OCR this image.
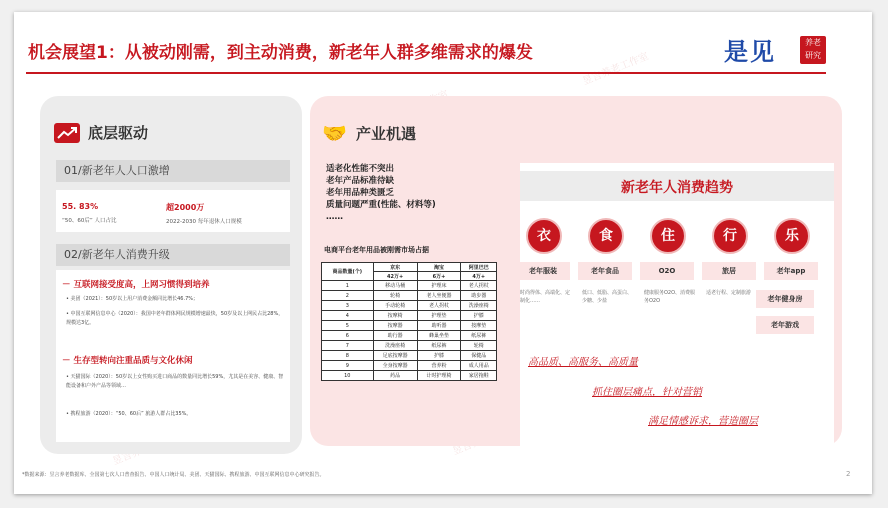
机会展望1：从被动刚需，到主动消费，新老年人群多维需求的爆发	是见	养老 研究
昱言养老工作室
底层驱动
01/新老年人人口激增
55. 83%
“50、60后” 人口占比
超2000万
2022-2030 每年退休人口规模
02/新老年人消费升级
－ 互联网接受度高，上网习惯得到培养
• 美团（2021）：50岁以上用户消费金额同比增长46.7%；
• 中国互联网信息中心（2020）：我国中老年群体网民规模增速最快，50岁及以上网民占比28%，规模达3亿。
－ 生存型转向注重品质与文化休闲
• 天猫国际（2020）：50岁以上女性购买进口商品的数量同比增长59%，尤其是在美容、健康、智能设备和户外产品等领域…
• 携程旅游（2020）：“50、60后” 旅游人群占比35%。
🤝 产业机遇
适老化性能不突出
老年产品标准待缺
老年用品种类匮乏
质量问题严重(性能、材料等)
……
电商平台老年用品被刚需市场占据
商品数量(个)	京东	淘宝	阿里巴巴
	42万+	6万+	4万+
1	移动马桶	护理床	老人拐杖
2	轮椅	老人坐便器	助步器
3	手动轮椅	老人拐杖	洗澡座椅
4	按摩椅	护理垫	护膝
5	按摩器	助听器	按摩垫
6	助行器	蜂巢坐垫	纸尿裤
7	洗澡座椅	纸尿裤	轮椅
8	足底按摩器	护膝	保健品
9	全身按摩器	营养粉	成人用品
10	药品	计时护理椅	家居拖鞋
新老年人消费趋势
衣	食	住	行	乐
老年服装	老年食品	O2O	旅居	老年app
时尚得体、高端化、定制化……
低口、低脂、高蛋白、少糖、少盐
健康服务O2O、消费服务O2O
适老行程、定制旅游
老年健身房
老年游戏
高品质、高服务、高质量
抓住圈层痛点，针对营销
满足情感诉求，营造圈层
*数据来源：昱言养老数据库、全国第七次人口普查报告、中国人口统计局、美团、天猫国际、携程旅游、中国互联网信息中心研究报告。	2
